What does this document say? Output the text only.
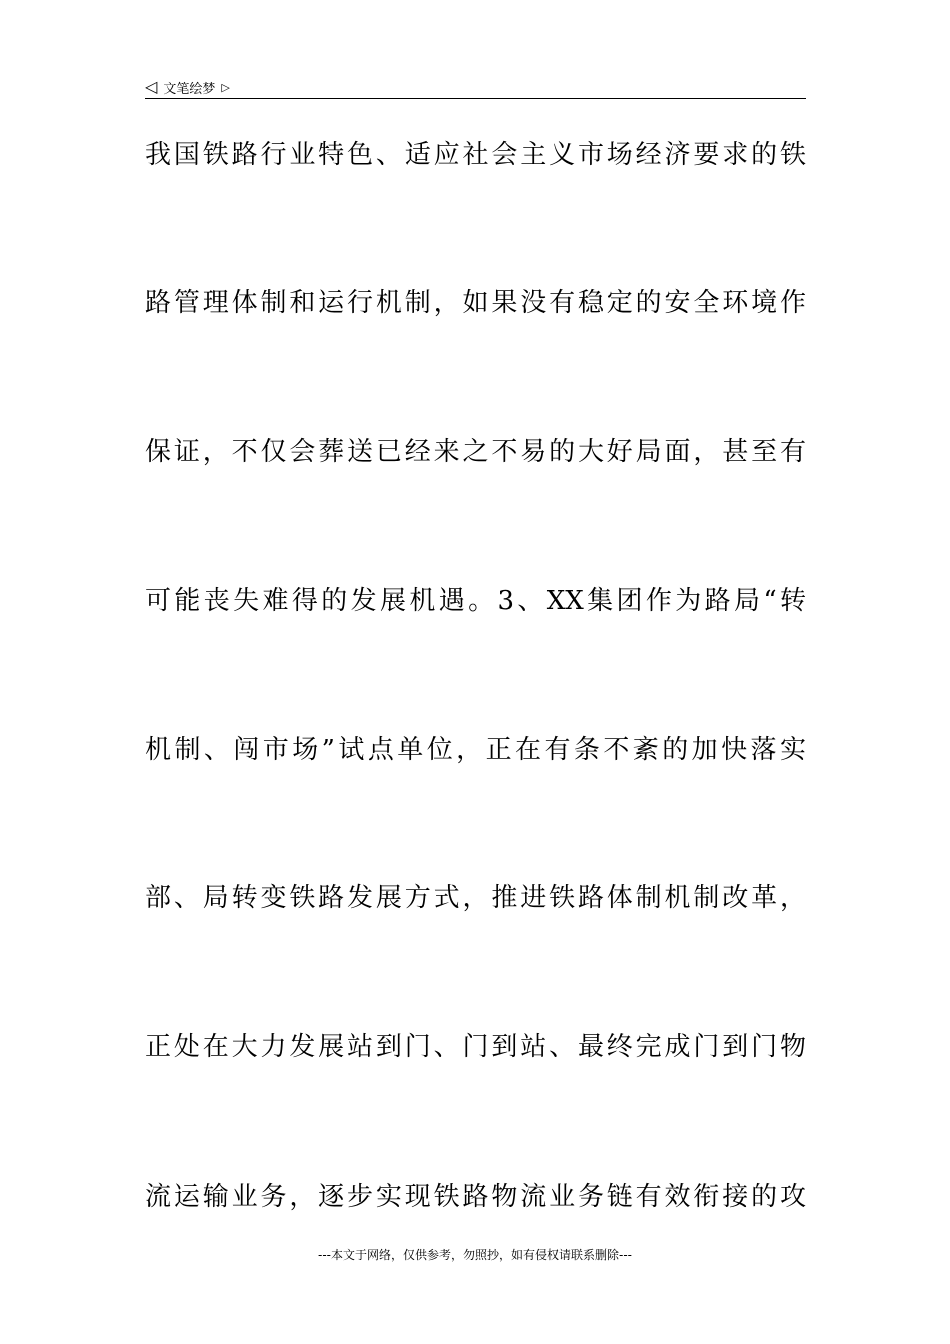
◁ 文笔绘梦 ▷
我国铁路行业特色、适应社会主义市场经济要求的铁
路管理体制和运行机制，如果没有稳定的安全环境作
保证，不仅会葬送已经来之不易的大好局面，甚至有
可能丧失难得的发展机遇。3、XX集团作为路局“转
机制、闯市场”试点单位，正在有条不紊的加快落实
部、局转变铁路发展方式，推进铁路体制机制改革，
正处在大力发展站到门、门到站、最终完成门到门物
流运输业务，逐步实现铁路物流业务链有效衔接的攻
---本文于网络，仅供参考，勿照抄，如有侵权请联系删除---
